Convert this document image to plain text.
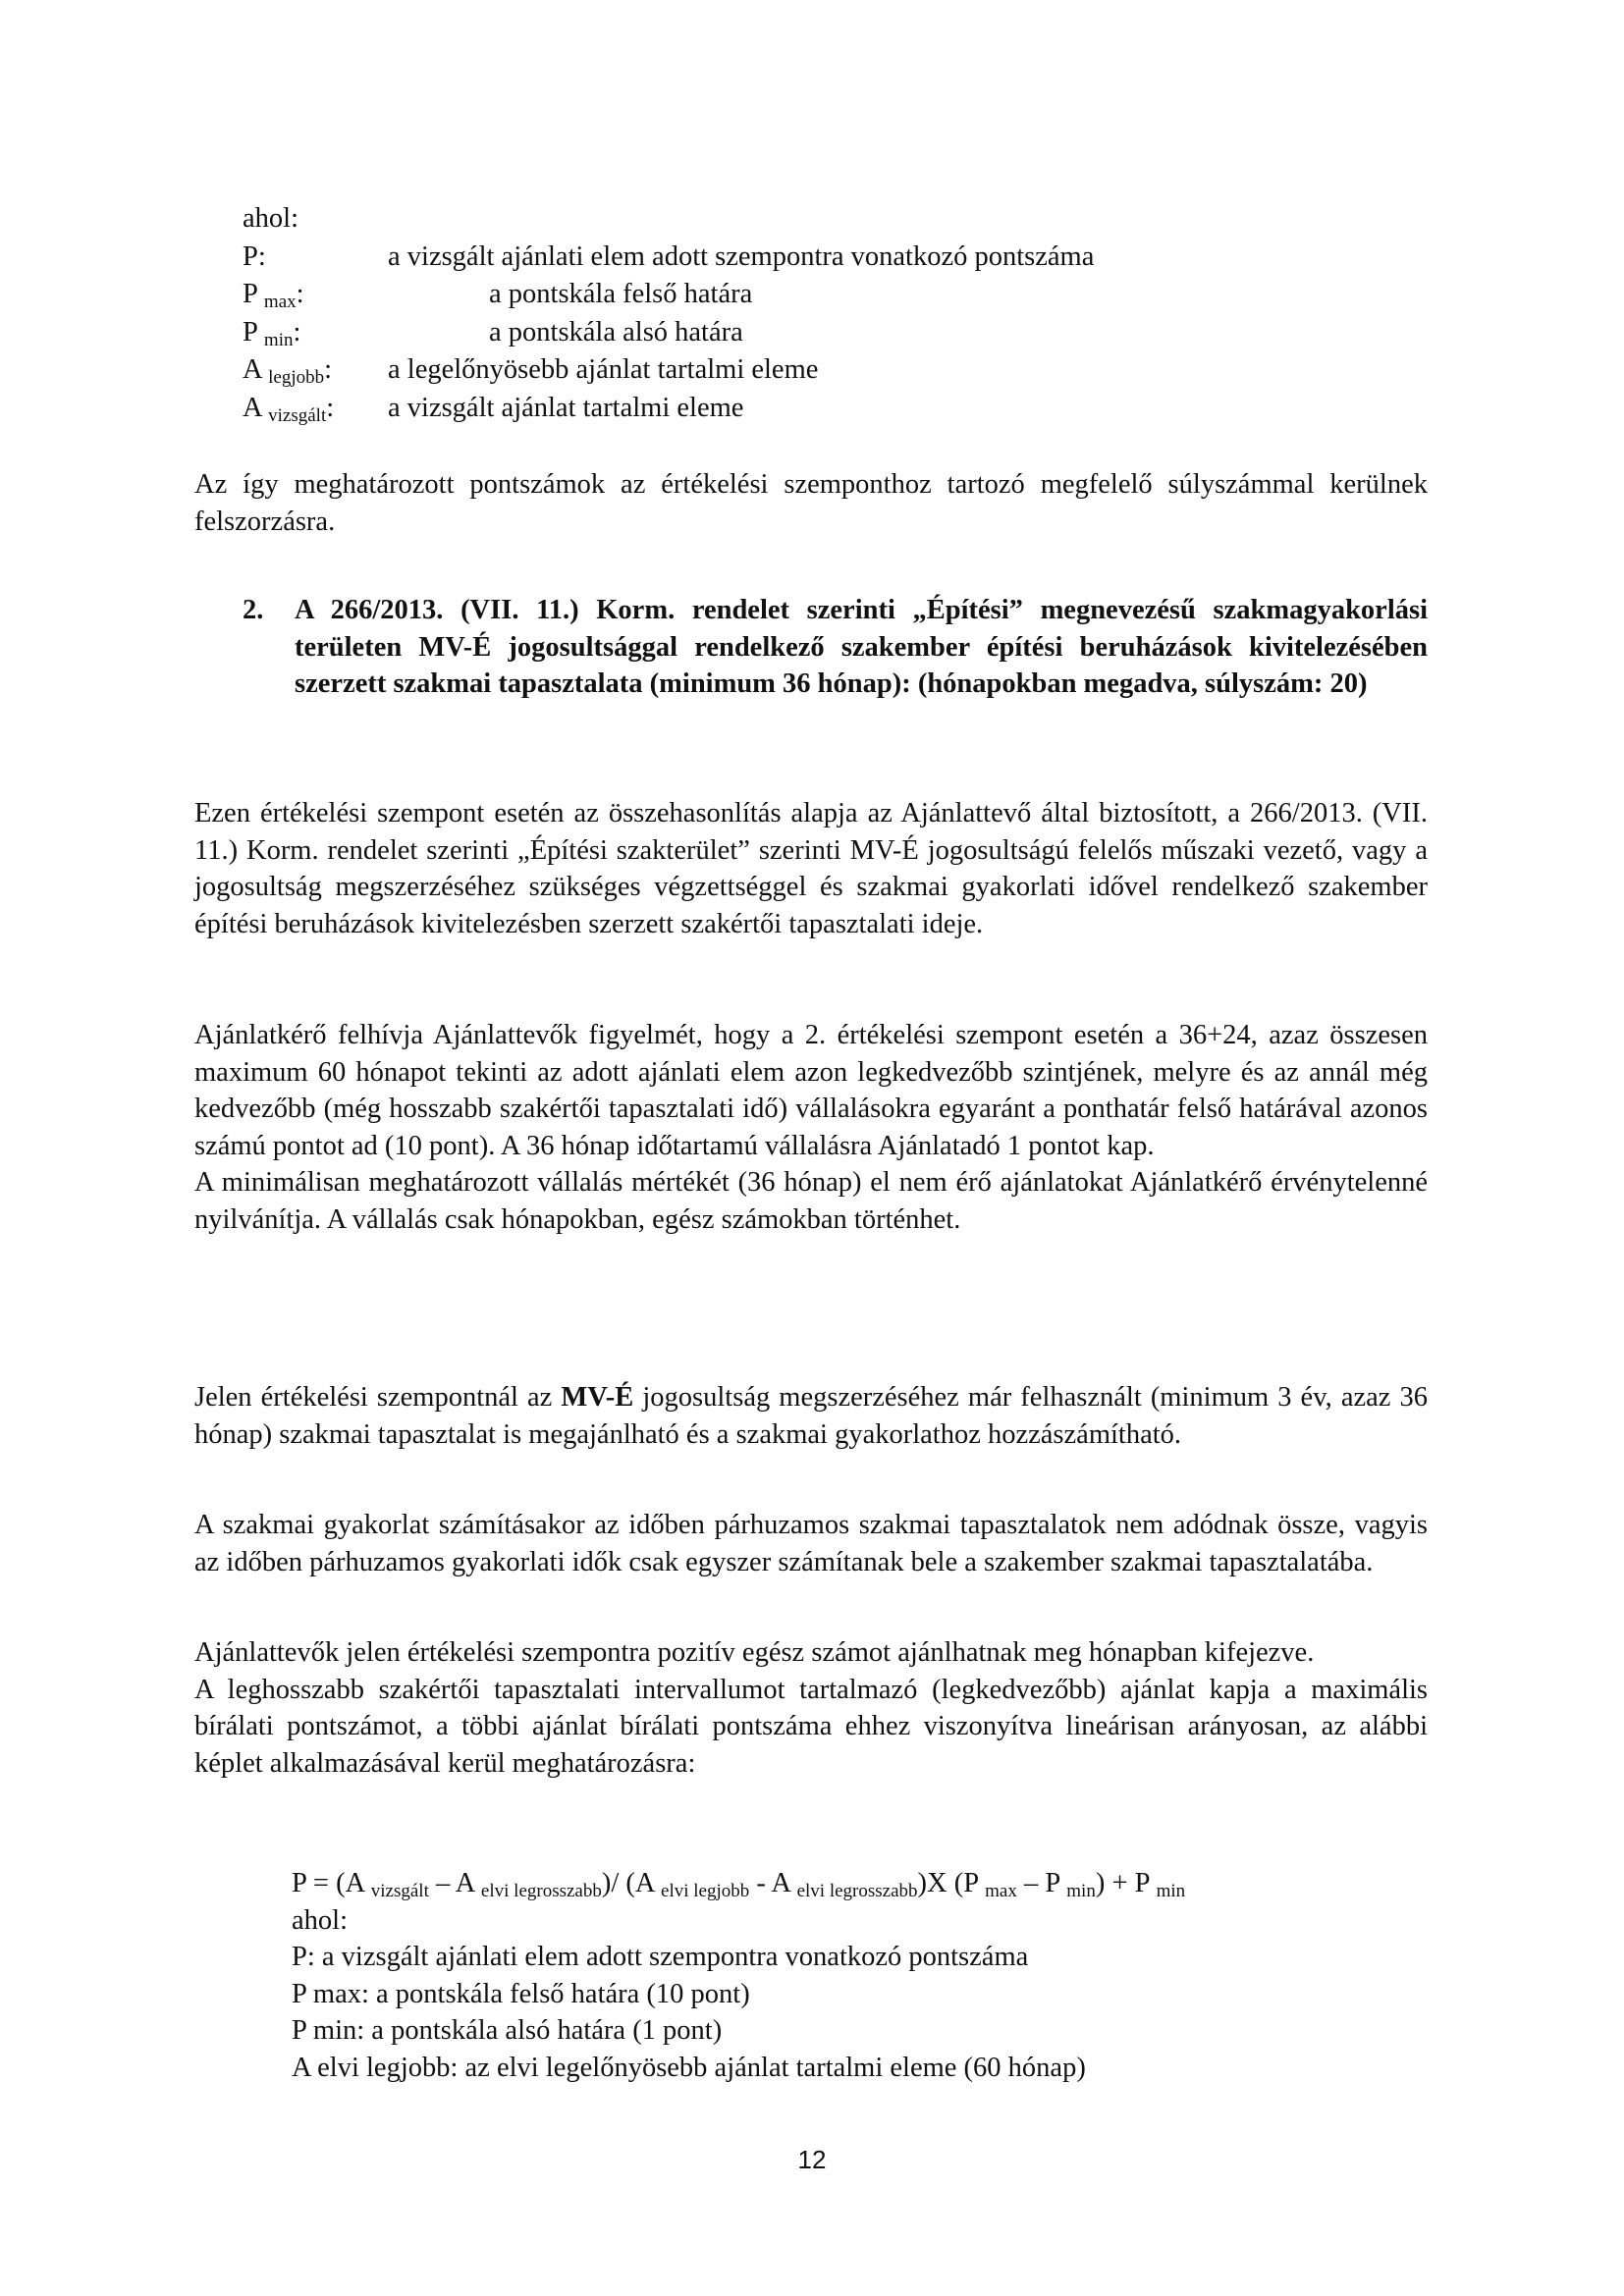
ahol:
P:	a vizsgált ajánlati elem adott szempontra vonatkozó pontszáma
P $_{max}$:	a pontskála felső határa
P $_{min}$:	a pontskála alsó határa
A $_{legjobb}$:	a legelőnyösebb ajánlat tartalmi eleme
A $_{vizsgált}$:	a vizsgált ajánlat tartalmi eleme

Az így meghatározott pontszámok az értékelési szemponthoz tartozó megfelelő súlyszámmal kerülnek felszorzásra.

2. A 266/2013. (VII. 11.) Korm. rendelet szerinti „Építési” megnevezésű szakmagyakorlási területen MV-É jogosultsággal rendelkező szakember építési beruházások kivitelezésében szerzett szakmai tapasztalata (minimum 36 hónap): (hónapokban megadva, súlyszám: 20)

Ezen értékelési szempont esetén az összehasonlítás alapja az Ajánlattevő által biztosított, a 266/2013. (VII. 11.) Korm. rendelet szerinti „Építési szakterület” szerinti MV-É jogosultságú felelős műszaki vezető, vagy a jogosultság megszerzéséhez szükséges végzettséggel és szakmai gyakorlati idővel rendelkező szakember építési beruházások kivitelezésben szerzett szakértői tapasztalati ideje.

Ajánlatkérő felhívja Ajánlattevők figyelmét, hogy a 2. értékelési szempont esetén a 36+24, azaz összesen maximum 60 hónapot tekinti az adott ajánlati elem azon legkedvezőbb szintjének, melyre és az annál még kedvezőbb (még hosszabb szakértői tapasztalati idő) vállalásokra egyaránt a ponthatár felső határával azonos számú pontot ad (10 pont). A 36 hónap időtartamú vállalásra Ajánlatadó 1 pontot kap.

A minimálisan meghatározott vállalás mértékét (36 hónap) el nem érő ajánlatokat Ajánlatkérő érvénytelenné nyilvánítja. A vállalás csak hónapokban, egész számokban történhet.

Jelen értékelési szempontnál az MV-É jogosultság megszerzéséhez már felhasznált (minimum 3 év, azaz 36 hónap) szakmai tapasztalat is megajánlható és a szakmai gyakorlathoz hozzászámítható.

A szakmai gyakorlat számításakor az időben párhuzamos szakmai tapasztalatok nem adódnak össze, vagyis az időben párhuzamos gyakorlati idők csak egyszer számítanak bele a szakember szakmai tapasztalatába.

Ajánlattevők jelen értékelési szempontra pozitív egész számot ajánlhatnak meg hónapban kifejezve.

A leghosszabb szakértői tapasztalati intervallumot tartalmazó (legkedvezőbb) ajánlat kapja a maximális bírálati pontszámot, a többi ajánlat bírálati pontszáma ehhez viszonyítva lineárisan arányosan, az alábbi képlet alkalmazásával kerül meghatározásra:

P = (A $_{vizsgált}$ – A $_{elvi legrosszabb}$)/ (A $_{elvi legjobb}$ - A $_{elvi legrosszabb}$)X (P $_{max}$ – P $_{min}$) + P $_{min}$
ahol:
P: a vizsgált ajánlati elem adott szempontra vonatkozó pontszáma
P max: a pontskála felső határa (10 pont)
P min: a pontskála alsó határa (1 pont)
A elvi legjobb: az elvi legelőnyösebb ajánlat tartalmi eleme (60 hónap)
12
